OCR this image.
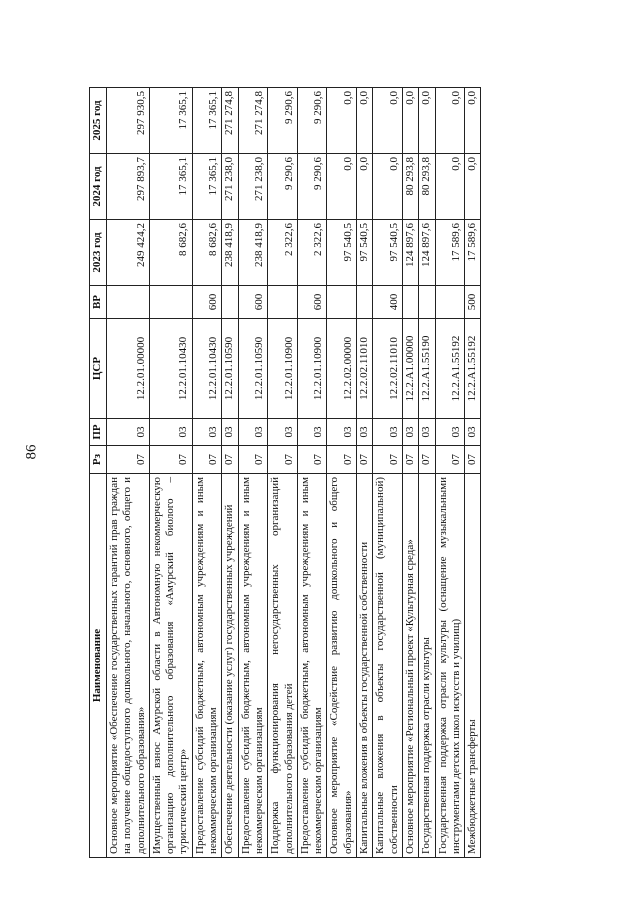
86
Наименование	Рз	ПР	ЦСР	ВР	2023 год	2024 год	2025 год
Основное мероприятие «Обеспечение государственных гарантий прав граждан на получение общедоступного дошкольного, начального, основного, общего и дополнительного образования»	07	03	12.2.01.00000		249 424,2	297 893,7	297 930,5
Имущественный взнос Амурской области в Автономную некоммерческую организацию дополнительного образования «Амурский биолого – туристический центр»	07	03	12.2.01.10430		8 682,6	17 365,1	17 365,1
Предоставление субсидий бюджетным, автономным учреждениям и иным некоммерческим организациям	07	03	12.2.01.10430	600	8 682,6	17 365,1	17 365,1
Обеспечение деятельности (оказание услуг) государственных учреждений	07	03	12.2.01.10590		238 418,9	271 238,0	271 274,8
Предоставление субсидий бюджетным, автономным учреждениям и иным некоммерческим организациям	07	03	12.2.01.10590	600	238 418,9	271 238,0	271 274,8
Поддержка функционирования негосударственных организаций дополнительного образования детей	07	03	12.2.01.10900		2 322,6	9 290,6	9 290,6
Предоставление субсидий бюджетным, автономным учреждениям и иным некоммерческим организациям	07	03	12.2.01.10900	600	2 322,6	9 290,6	9 290,6
Основное мероприятие «Содействие развитию дошкольного и общего образования»	07	03	12.2.02.00000		97 540,5	0,0	0,0
Капитальные вложения в объекты государственной собственности	07	03	12.2.02.11010		97 540,5	0,0	0,0
Капитальные вложения в объекты государственной (муниципальной) собственности	07	03	12.2.02.11010	400	97 540,5	0,0	0,0
Основное мероприятие «Региональный проект «Культурная среда»	07	03	12.2.А1.00000		124 897,6	80 293,8	0,0
Государственная поддержка отрасли культуры	07	03	12.2.А1.55190		124 897,6	80 293,8	0,0
Государственная поддержка отрасли культуры (оснащение музыкальными инструментами детских школ искусств и училищ)	07	03	12.2.А1.55192		17 589,6	0,0	0,0
Межбюджетные трансферты	07	03	12.2.А1.55192	500	17 589,6	0,0	0,0
